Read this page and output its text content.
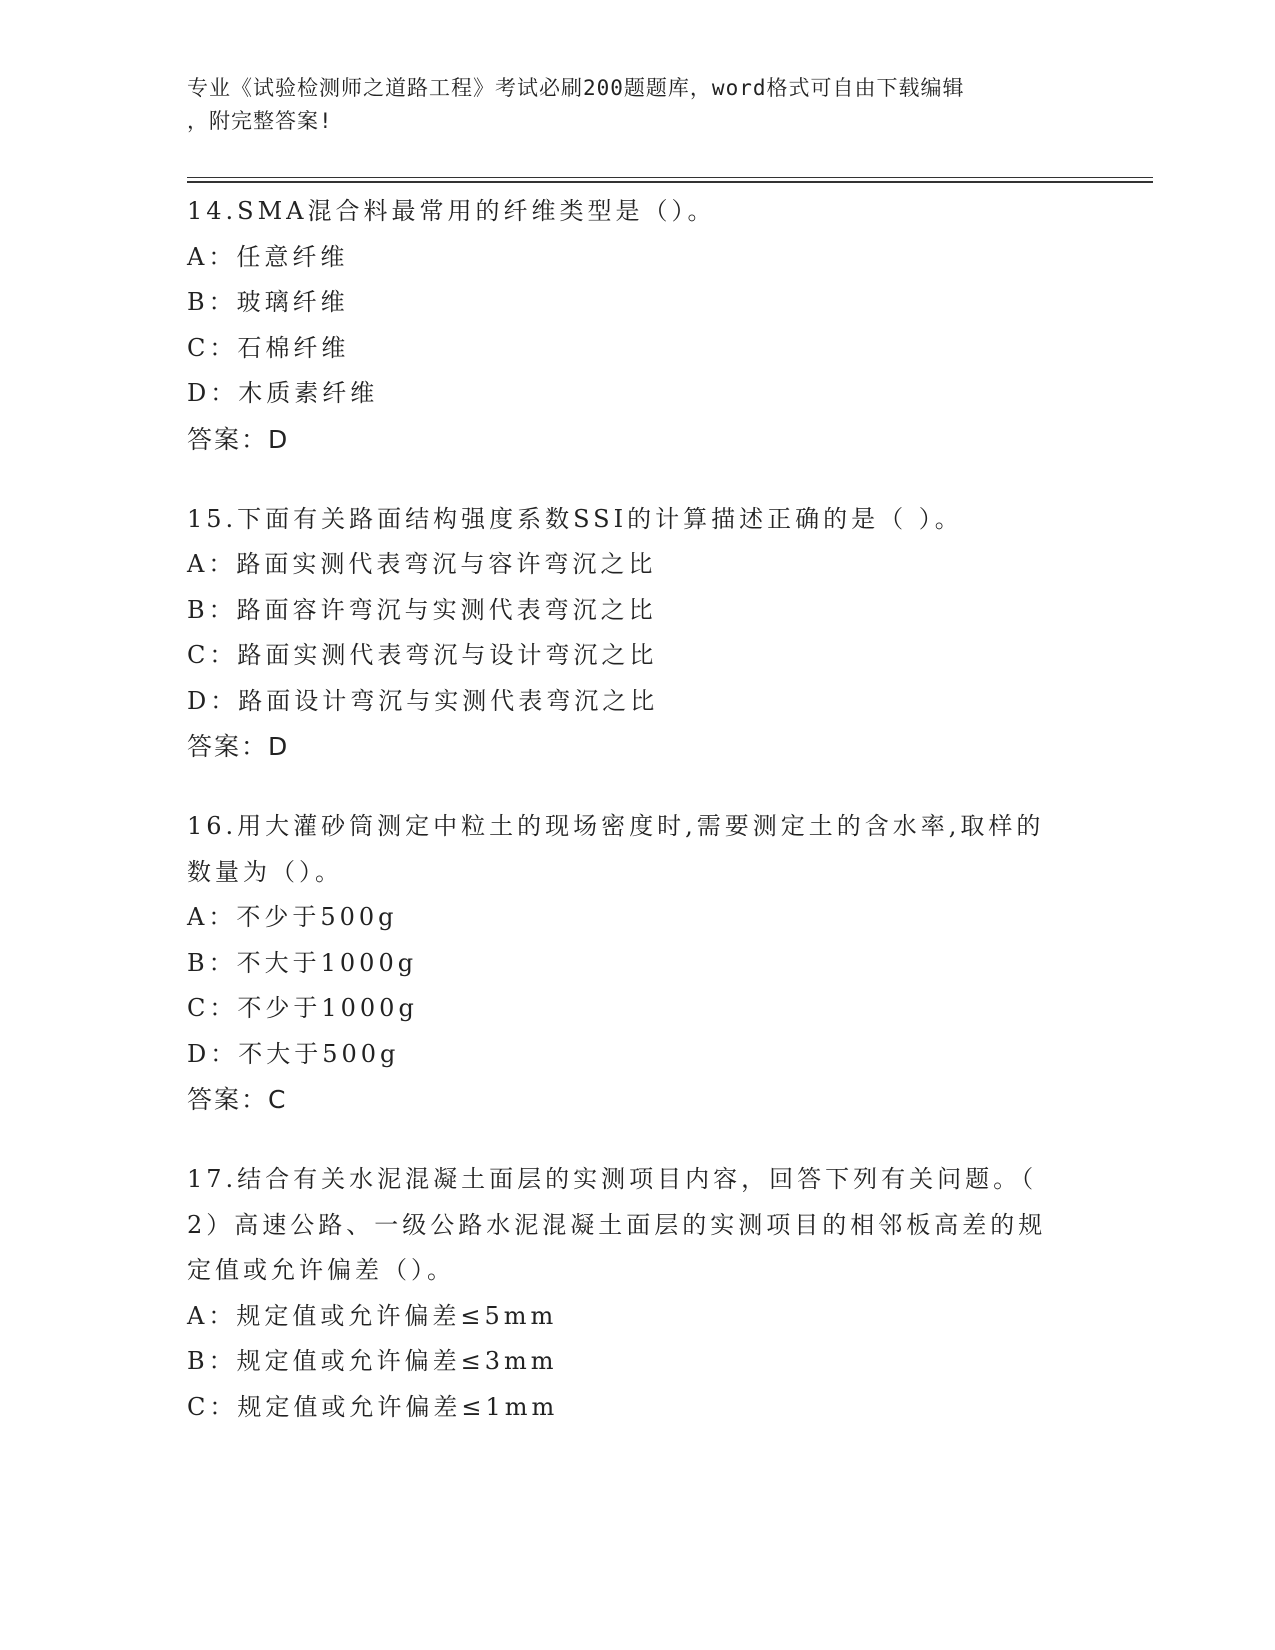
专业《试验检测师之道路工程》考试必刷200题题库，word格式可自由下载编辑
，附完整答案!
14.SMA混合料最常用的纤维类型是（）。
A：任意纤维
B：玻璃纤维
C：石棉纤维
D：木质素纤维
答案：D
15.下面有关路面结构强度系数SSI的计算描述正确的是（ ）。
A：路面实测代表弯沉与容许弯沉之比
B：路面容许弯沉与实测代表弯沉之比
C：路面实测代表弯沉与设计弯沉之比
D：路面设计弯沉与实测代表弯沉之比
答案：D
16.用大灌砂筒测定中粒土的现场密度时,需要测定土的含水率,取样的
数量为（）。
A：不少于500g
B：不大于1000g
C：不少于1000g
D：不大于500g
答案：C
17.结合有关水泥混凝土面层的实测项目内容，回答下列有关问题。（
2）高速公路、一级公路水泥混凝土面层的实测项目的相邻板高差的规
定值或允许偏差（）。
A：规定值或允许偏差≤5mm
B：规定值或允许偏差≤3mm
C：规定值或允许偏差≤1mm
